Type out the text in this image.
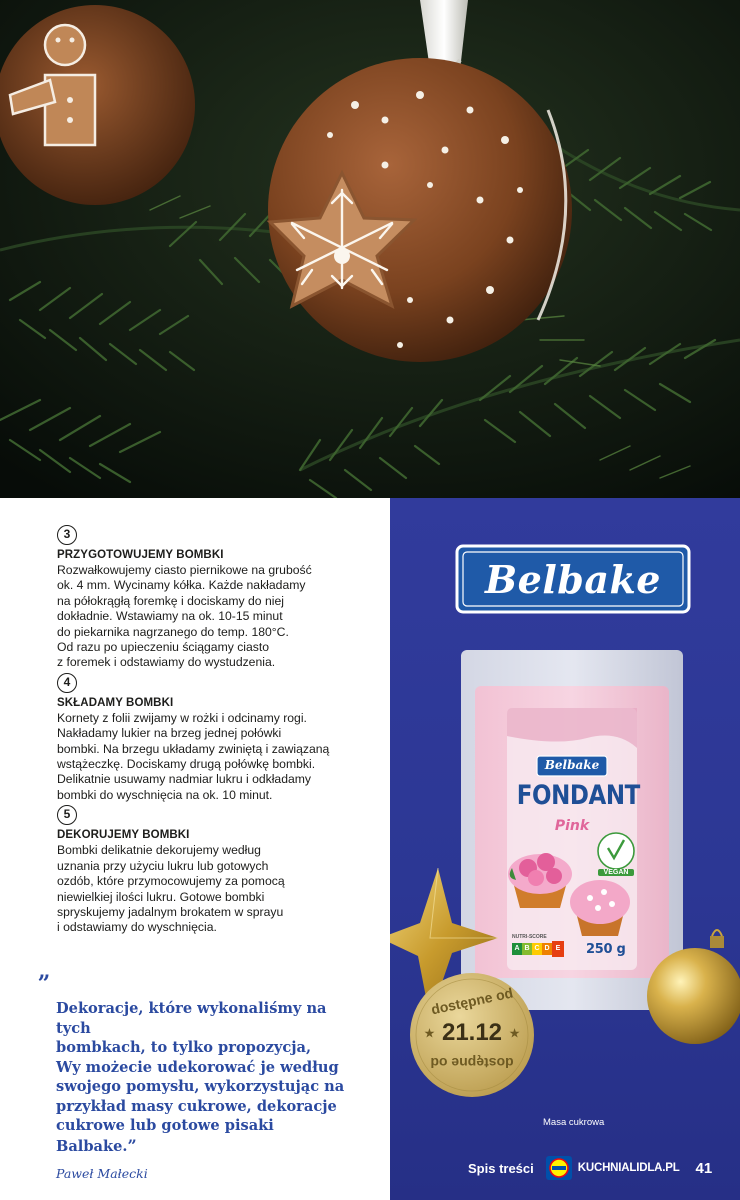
3
PRZYGOTOWUJEMY BOMBKI
Rozwałkowujemy ciasto piernikowe na grubość
ok. 4 mm. Wycinamy kółka. Każde nakładamy
na półokrągłą foremkę i dociskamy do niej
dokładnie. Wstawiamy na ok. 10-15 minut
do piekarnika nagrzanego do temp. 180°C.
Od razu po upieczeniu ściągamy ciasto
z foremek i odstawiamy do wystudzenia.
4
SKŁADAMY BOMBKI
Kornety z folii zwijamy w rożki i odcinamy rogi.
Nakładamy lukier na brzeg jednej połówki
bombki. Na brzegu układamy zwiniętą i zawiązaną
wstążeczkę. Dociskamy drugą połówkę bombki.
Delikatnie usuwamy nadmiar lukru i odkładamy
bombki do wyschnięcia na ok. 10 minut.
5
DEKORUJEMY BOMBKI
Bombki delikatnie dekorujemy według
uznania przy użyciu lukru lub gotowych
ozdób, które przymocowujemy za pomocą
niewielkiej ilości lukru. Gotowe bombki
spryskujemy jadalnym brokatem w sprayu
i odstawiamy do wyschnięcia.

„

Dekoracje, które wykonaliśmy na tych
bombkach, to tylko propozycja,
Wy możecie udekorować je według
swojego pomysłu, wykorzystując na
przykład masy cukrowe, dekoracje
cukrowe lub gotowe pisaki Balbake.”

Paweł Małecki
Belbake
Belbake
FONDANT
Pink
VEGAN
NUTRI-SCORE
A B C D E 250 g
dostępne od
★ 21.12 ★
dostępne od
Masa cukrowa
Spis treści	KUCHNIALIDLA.PL 41
